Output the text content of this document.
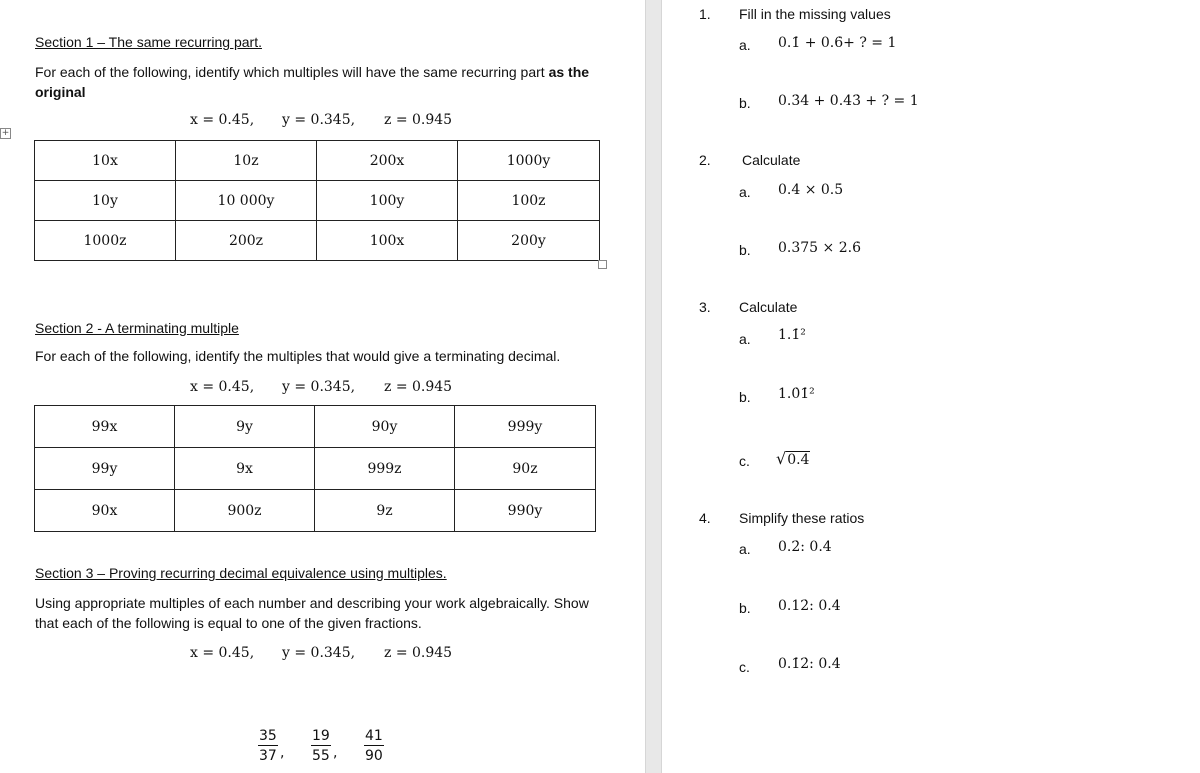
Section 1 – The same recurring part.
For each of the following, identify which multiples will have the same recurring part as the original
x = 0.45̇, y = 0.34̇5̇, z = 0.9̇45̇
+
10x	10z	200x	1000y
10y	10 000y	100y	100z
1000z	200z	100x	200y
Section 2 - A terminating multiple
For each of the following, identify the multiples that would give a terminating decimal.
x = 0.45̇, y = 0.34̇5̇, z = 0.9̇45̇
99x	9y	90y	999y
99y	9x	999z	90z
90x	900z	9z	990y
Section 3 – Proving recurring decimal equivalence using multiples.
Using appropriate multiples of each number and describing your work algebraically. Show that each of the following is equal to one of the given fractions.
x = 0.45̇, y = 0.34̇5̇, z = 0.9̇45̇
$\frac{35}{37}$ , $\frac{19}{55}$ , $\frac{41}{90}$
1. Fill in the missing values
a. 0.1̇ + 0.6̇+ ? = 1
b. 0.3̇4̇ + 0.4̇3̇ + ? = 1
2. Calculate
a. 0.4̇ × 0.5̇
b. 0.375 × 2.6̇
3. Calculate
a. 1.1̇²
b. 1.0̇1̇²
c. √0.4̇
4. Simplify these ratios
a. 0.2̇: 0.4̇
b. 0.12̇: 0.4̇
c. 0.1̇2̇: 0.4̇
